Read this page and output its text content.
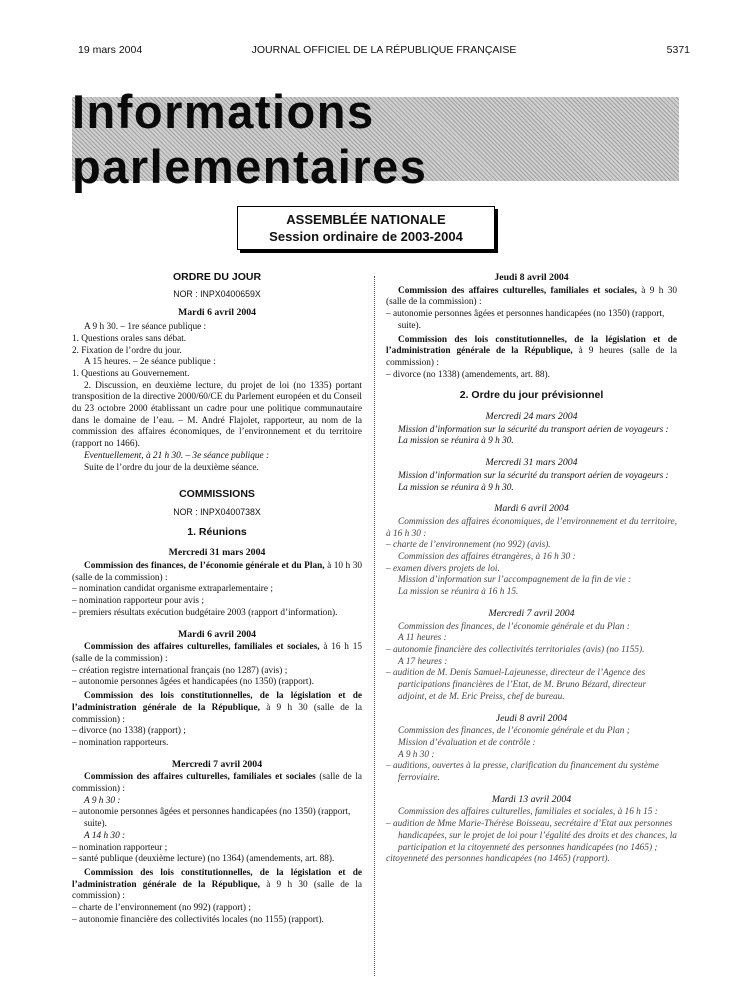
19 mars 2004	JOURNAL OFFICIEL DE LA RÉPUBLIQUE FRANÇAISE	5371
Informations parlementaires
ASSEMBLÉE NATIONALE
Session ordinaire de 2003-2004

ORDRE DU JOUR

NOR : INPX0400659X

Mardi 6 avril 2004

A 9 h 30. – 1re séance publique :

1. Questions orales sans débat.

2. Fixation de l’ordre du jour.

A 15 heures. – 2e séance publique :

1. Questions au Gouvernement.

2. Discussion, en deuxième lecture, du projet de loi (no 1335) portant transposition de la directive 2000/60/CE du Parlement européen et du Conseil du 23 octobre 2000 établissant un cadre pour une politique communautaire dans le domaine de l’eau. – M. André Flajolet, rapporteur, au nom de la commission des affaires économiques, de l’environnement et du territoire (rapport no 1466).

Eventuellement, à 21 h 30. – 3e séance publique :

Suite de l’ordre du jour de la deuxième séance.

COMMISSIONS

NOR : INPX0400738X

1. Réunions

Mercredi 31 mars 2004

Commission des finances, de l’économie générale et du Plan, à 10 h 30 (salle de la commission) :

– nomination candidat organisme extraparlementaire ;

– nomination rapporteur pour avis ;

– premiers résultats exécution budgétaire 2003 (rapport d’information).

Mardi 6 avril 2004

Commission des affaires culturelles, familiales et sociales, à 16 h 15 (salle de la commission) :

– création registre international français (no 1287) (avis) ;

– autonomie personnes âgées et handicapées (no 1350) (rapport).

Commission des lois constitutionnelles, de la législation et de l’administration générale de la République, à 9 h 30 (salle de la commission) :

– divorce (no 1338) (rapport) ;

– nomination rapporteurs.

Mercredi 7 avril 2004

Commission des affaires culturelles, familiales et sociales (salle de la commission) :

A 9 h 30 :

– autonomie personnes âgées et personnes handicapées (no 1350) (rapport, suite).

A 14 h 30 :

– nomination rapporteur ;

– santé publique (deuxième lecture) (no 1364) (amendements, art. 88).

Commission des lois constitutionnelles, de la législation et de l’administration générale de la République, à 9 h 30 (salle de la commission) :

– charte de l’environnement (no 992) (rapport) ;

– autonomie financière des collectivités locales (no 1155) (rapport).

Jeudi 8 avril 2004

Commission des affaires culturelles, familiales et sociales, à 9 h 30 (salle de la commission) :

– autonomie personnes âgées et personnes handicapées (no 1350) (rapport, suite).

Commission des lois constitutionnelles, de la législation et de l’administration générale de la République, à 9 heures (salle de la commission) :

– divorce (no 1338) (amendements, art. 88).

2. Ordre du jour prévisionnel

Mercredi 24 mars 2004

Mission d’information sur la sécurité du transport aérien de voyageurs :

La mission se réunira à 9 h 30.

Mercredi 31 mars 2004

Mission d’information sur la sécurité du transport aérien de voyageurs :

La mission se réunira à 9 h 30.

Mardi 6 avril 2004

Commission des affaires économiques, de l’environnement et du territoire, à 16 h 30 :

– charte de l’environnement (no 992) (avis).

Commission des affaires étrangères, à 16 h 30 :

– examen divers projets de loi.

Mission d’information sur l’accompagnement de la fin de vie :

La mission se réunira à 16 h 15.

Mercredi 7 avril 2004

Commission des finances, de l’économie générale et du Plan :

A 11 heures :

– autonomie financière des collectivités territoriales (avis) (no 1155).

A 17 heures :

– audition de M. Denis Samuel-Lajeunesse, directeur de l’Agence des participations financières de l’Etat, de M. Bruno Bézard, directeur adjoint, et de M. Eric Preiss, chef de bureau.

Jeudi 8 avril 2004

Commission des finances, de l’économie générale et du Plan ;

Mission d’évaluation et de contrôle :

A 9 h 30 :

– auditions, ouvertes à la presse, clarification du financement du système ferroviaire.

Mardi 13 avril 2004

Commission des affaires culturelles, familiales et sociales, à 16 h 15 :

– audition de Mme Marie-Thérèse Boisseau, secrétaire d’Etat aux personnes handicapées, sur le projet de loi pour l’égalité des droits et des chances, la participation et la citoyenneté des personnes handicapées (no 1465) ;

citoyenneté des personnes handicapées (no 1465) (rapport).
